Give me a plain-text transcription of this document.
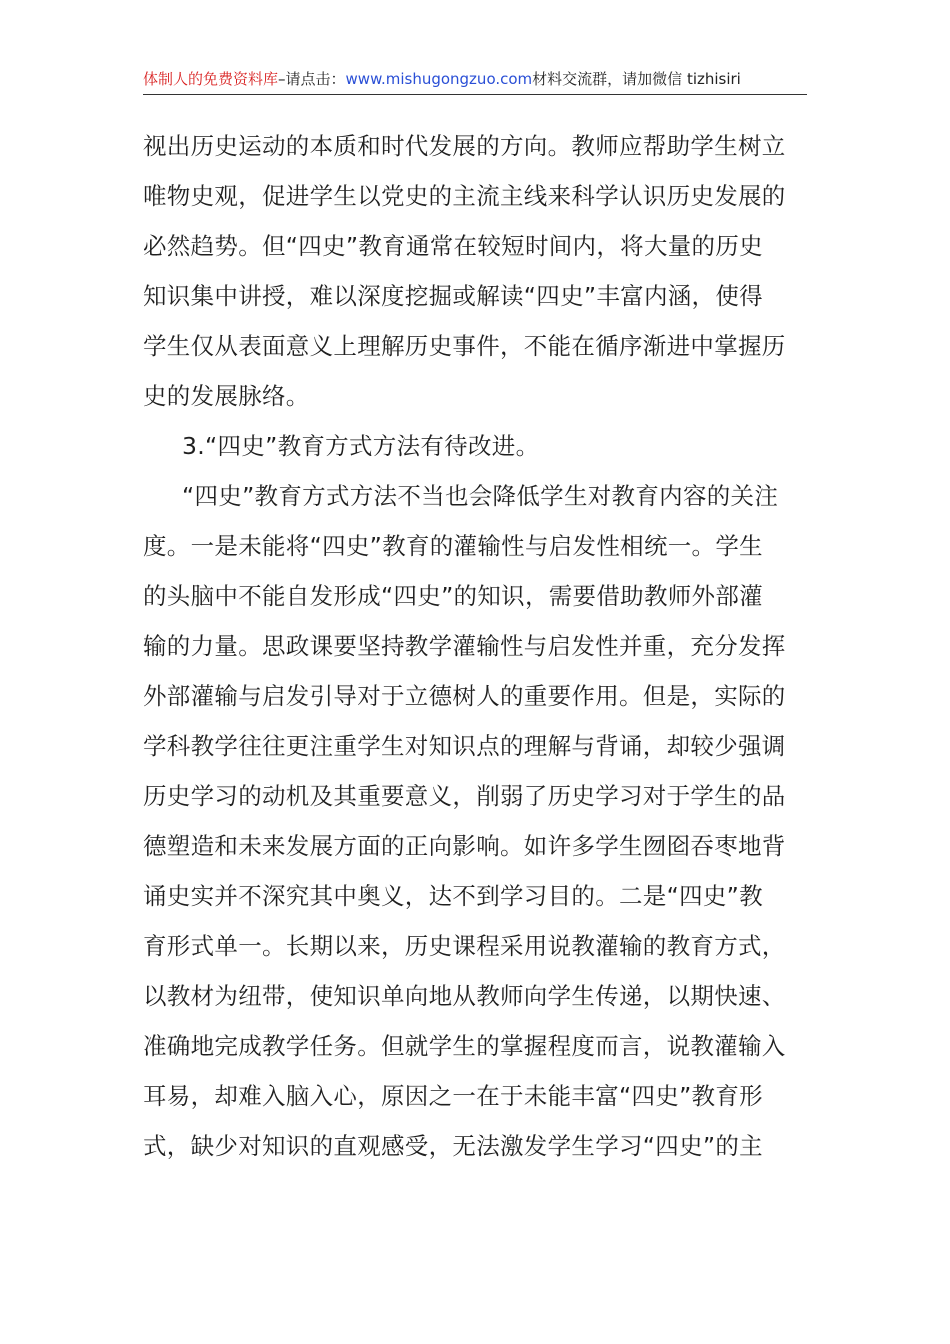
体制人的免费资料库–请点击：www.mishugongzuo.com材料交流群，请加微信 tizhisiri
视出历史运动的本质和时代发展的方向。教师应帮助学生树立
唯物史观，促进学生以党史的主流主线来科学认识历史发展的
必然趋势。但“四史”教育通常在较短时间内，将大量的历史
知识集中讲授，难以深度挖掘或解读“四史”丰富内涵，使得
学生仅从表面意义上理解历史事件，不能在循序渐进中掌握历
史的发展脉络。
3.“四史”教育方式方法有待改进。
“四史”教育方式方法不当也会降低学生对教育内容的关注
度。一是未能将“四史”教育的灌输性与启发性相统一。学生
的头脑中不能自发形成“四史”的知识，需要借助教师外部灌
输的力量。思政课要坚持教学灌输性与启发性并重，充分发挥
外部灌输与启发引导对于立德树人的重要作用。但是，实际的
学科教学往往更注重学生对知识点的理解与背诵，却较少强调
历史学习的动机及其重要意义，削弱了历史学习对于学生的品
德塑造和未来发展方面的正向影响。如许多学生囫囵吞枣地背
诵史实并不深究其中奥义，达不到学习目的。二是“四史”教
育形式单一。长期以来，历史课程采用说教灌输的教育方式，
以教材为纽带，使知识单向地从教师向学生传递，以期快速、
准确地完成教学任务。但就学生的掌握程度而言，说教灌输入
耳易，却难入脑入心，原因之一在于未能丰富“四史”教育形
式，缺少对知识的直观感受，无法激发学生学习“四史”的主
